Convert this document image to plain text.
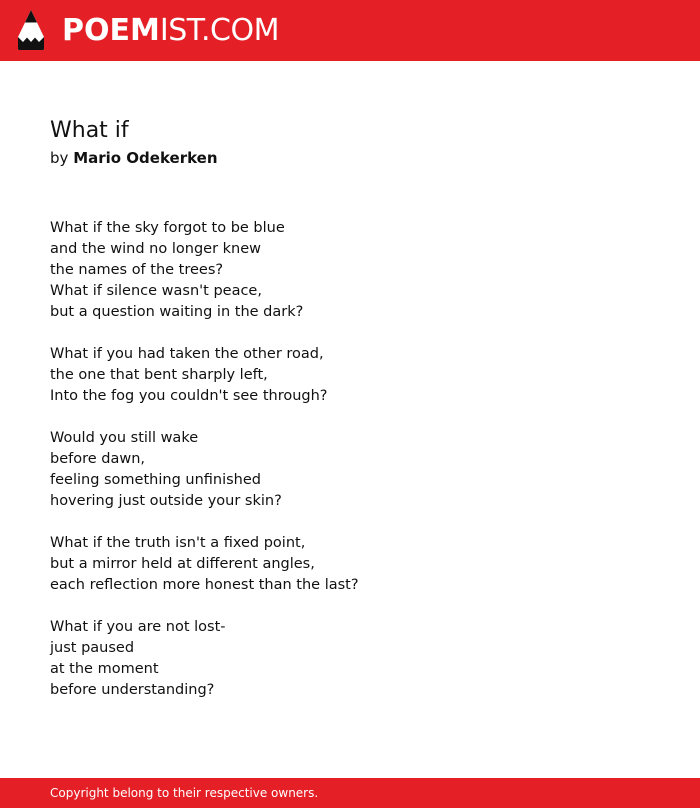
POEMIST.COM
What if

by Mario Odekerken

What if the sky forgot to be blue
and the wind no longer knew
the names of the trees?
What if silence wasn't peace,
but a question waiting in the dark?
What if you had taken the other road,
the one that bent sharply left,
Into the fog you couldn't see through?
Would you still wake
before dawn,
feeling something unfinished
hovering just outside your skin?
What if the truth isn't a fixed point,
but a mirror held at different angles,
each reflection more honest than the last?
What if you are not lost-
just paused
at the moment
before understanding?
Copyright belong to their respective owners.
